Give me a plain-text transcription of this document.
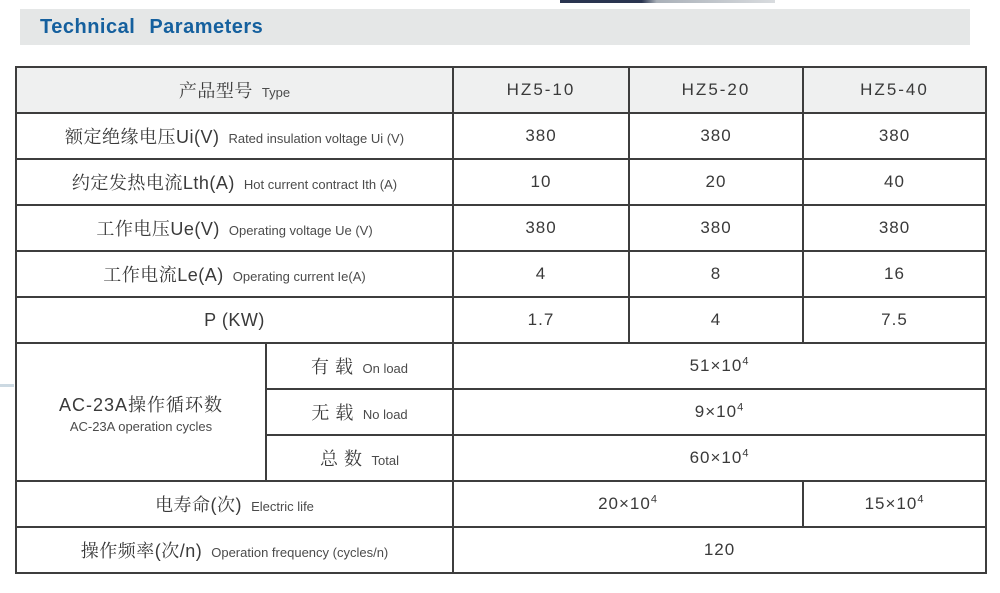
Technical Parameters
产品型号 Type		HZ5-10	HZ5-20	HZ5-40
额定绝缘电压Ui(V) Rated insulation voltage Ui (V)		380	380	380
约定发热电流Lth(A) Hot current contract Ith (A)		10	20	40
工作电压Ue(V) Operating voltage Ue (V)		380	380	380
工作电流Le(A) Operating current Ie(A)		4	8	16
P (KW)		1.7	4	7.5

AC-23A操作循环数
AC-23A operation cycles	有 载 On load	$51\times 10^4$
	无 载 No load	$9\times 10^4$
	总 数 Total	$60\times 10^4$
电寿命(次) Electric life		$20\times 10^4$		$15\times 10^4$
操作频率(次/n) Operation frequency (cycles/n)		120		
